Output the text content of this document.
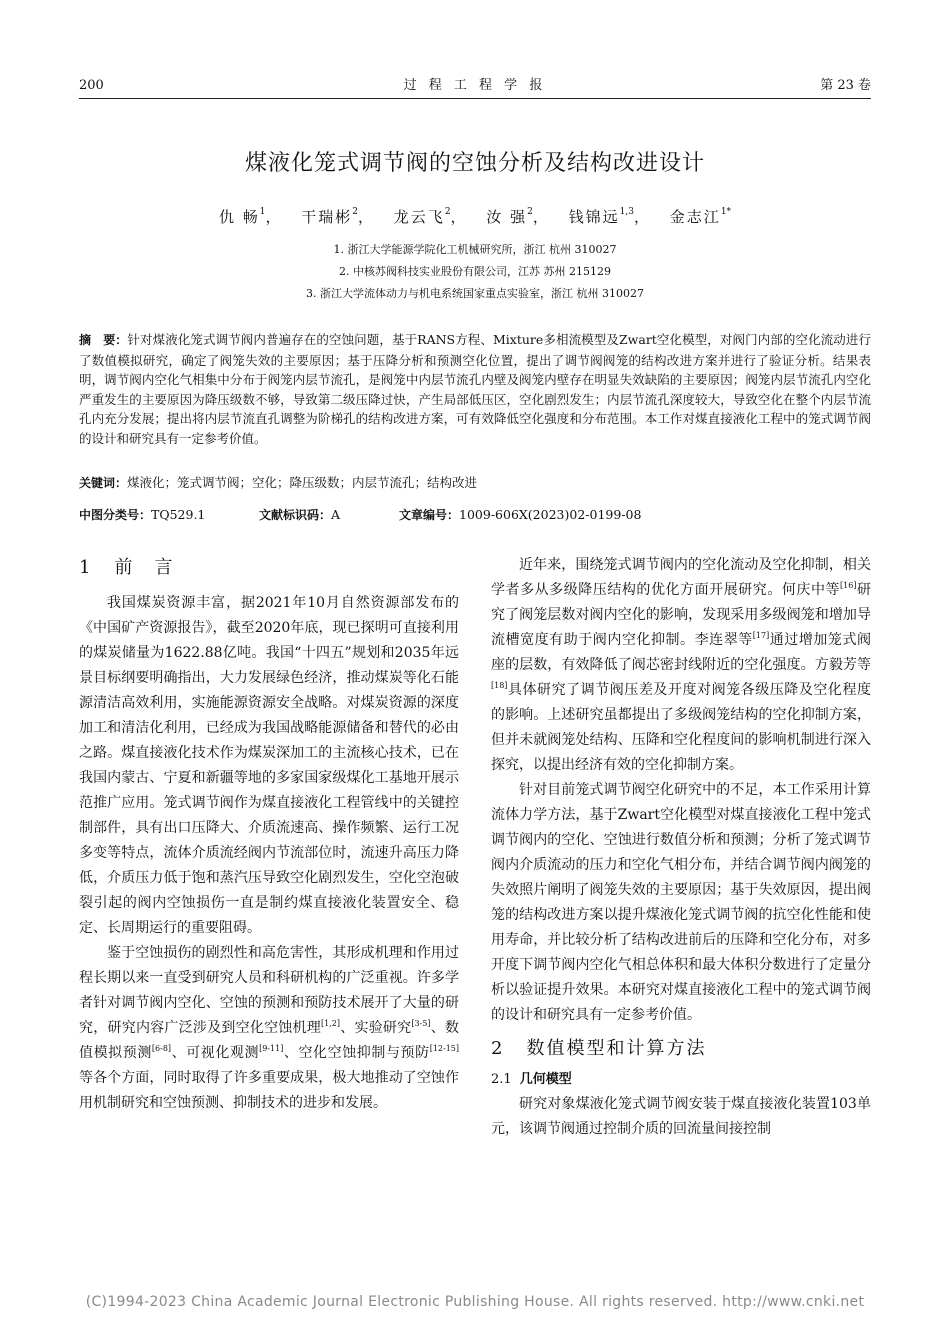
200	过 程 工 程 学 报	第 23 卷
煤液化笼式调节阀的空蚀分析及结构改进设计
仇 畅$^1$， 干瑞彬$^2$， 龙云飞$^2$， 汝 强$^2$， 钱锦远$^{1,3}$， 金志江$^{1*}$
1. 浙江大学能源学院化工机械研究所，浙江 杭州 310027
2. 中核苏阀科技实业股份有限公司，江苏 苏州 215129
3. 浙江大学流体动力与机电系统国家重点实验室，浙江 杭州 310027
摘　要：针对煤液化笼式调节阀内普遍存在的空蚀问题，基于RANS方程、Mixture多相流模型及Zwart空化模型，对阀门内部的空化流动进行了数值模拟研究，确定了阀笼失效的主要原因；基于压降分析和预测空化位置，提出了调节阀阀笼的结构改进方案并进行了验证分析。结果表明，调节阀内空化气相集中分布于阀笼内层节流孔，是阀笼中内层节流孔内壁及阀笼内壁存在明显失效缺陷的主要原因；阀笼内层节流孔内空化严重发生的主要原因为降压级数不够，导致第二级压降过快，产生局部低压区，空化剧烈发生；内层节流孔深度较大，导致空化在整个内层节流孔内充分发展；提出将内层节流直孔调整为阶梯孔的结构改进方案，可有效降低空化强度和分布范围。本工作对煤直接液化工程中的笼式调节阀的设计和研究具有一定参考价值。
关键词：煤液化；笼式调节阀；空化；降压级数；内层节流孔；结构改进
中图分类号：TQ529.1	文献标识码：A	文章编号：1009-606X(2023)02-0199-08
1 前　言

我国煤炭资源丰富，据2021年10月自然资源部发布的《中国矿产资源报告》，截至2020年底，现已探明可直接利用的煤炭储量为1622.88亿吨。我国“十四五”规划和2035年远景目标纲要明确指出，大力发展绿色经济，推动煤炭等化石能源清洁高效利用，实施能源资源安全战略。对煤炭资源的深度加工和清洁化利用，已经成为我国战略能源储备和替代的必由之路。煤直接液化技术作为煤炭深加工的主流核心技术，已在我国内蒙古、宁夏和新疆等地的多家国家级煤化工基地开展示范推广应用。笼式调节阀作为煤直接液化工程管线中的关键控制部件，具有出口压降大、介质流速高、操作频繁、运行工况多变等特点，流体介质流经阀内节流部位时，流速升高压力降低，介质压力低于饱和蒸汽压导致空化剧烈发生，空化空泡破裂引起的阀内空蚀损伤一直是制约煤直接液化装置安全、稳定、长周期运行的重要阻碍。

鉴于空蚀损伤的剧烈性和高危害性，其形成机理和作用过程长期以来一直受到研究人员和科研机构的广泛重视。许多学者针对调节阀内空化、空蚀的预测和预防技术展开了大量的研究，研究内容广泛涉及到空化空蚀机理[1,2]、实验研究[3-5]、数值模拟预测[6-8]、可视化观测[9-11]、空化空蚀抑制与预防[12-15]等各个方面，同时取得了许多重要成果，极大地推动了空蚀作用机制研究和空蚀预测、抑制技术的进步和发展。

近年来，围绕笼式调节阀内的空化流动及空化抑制，相关学者多从多级降压结构的优化方面开展研究。何庆中等[16]研究了阀笼层数对阀内空化的影响，发现采用多级阀笼和增加导流槽宽度有助于阀内空化抑制。李连翠等[17]通过增加笼式阀座的层数，有效降低了阀芯密封线附近的空化强度。方毅芳等[18]具体研究了调节阀压差及开度对阀笼各级压降及空化程度的影响。上述研究虽都提出了多级阀笼结构的空化抑制方案，但并未就阀笼处结构、压降和空化程度间的影响机制进行深入探究，以提出经济有效的空化抑制方案。

针对目前笼式调节阀空化研究中的不足，本工作采用计算流体力学方法，基于Zwart空化模型对煤直接液化工程中笼式调节阀内的空化、空蚀进行数值分析和预测；分析了笼式调节阀内介质流动的压力和空化气相分布，并结合调节阀内阀笼的失效照片阐明了阀笼失效的主要原因；基于失效原因，提出阀笼的结构改进方案以提升煤液化笼式调节阀的抗空化性能和使用寿命，并比较分析了结构改进前后的压降和空化分布，对多开度下调节阀内空化气相总体积和最大体积分数进行了定量分析以验证提升效果。本研究对煤直接液化工程中的笼式调节阀的设计和研究具有一定参考价值。

2 数值模型和计算方法
2.1 几何模型

研究对象煤液化笼式调节阀安装于煤直接液化装置103单元，该调节阀通过控制介质的回流量间接控制

(C)1994-2023 China Academic Journal Electronic Publishing House. All rights reserved. http://www.cnki.net
